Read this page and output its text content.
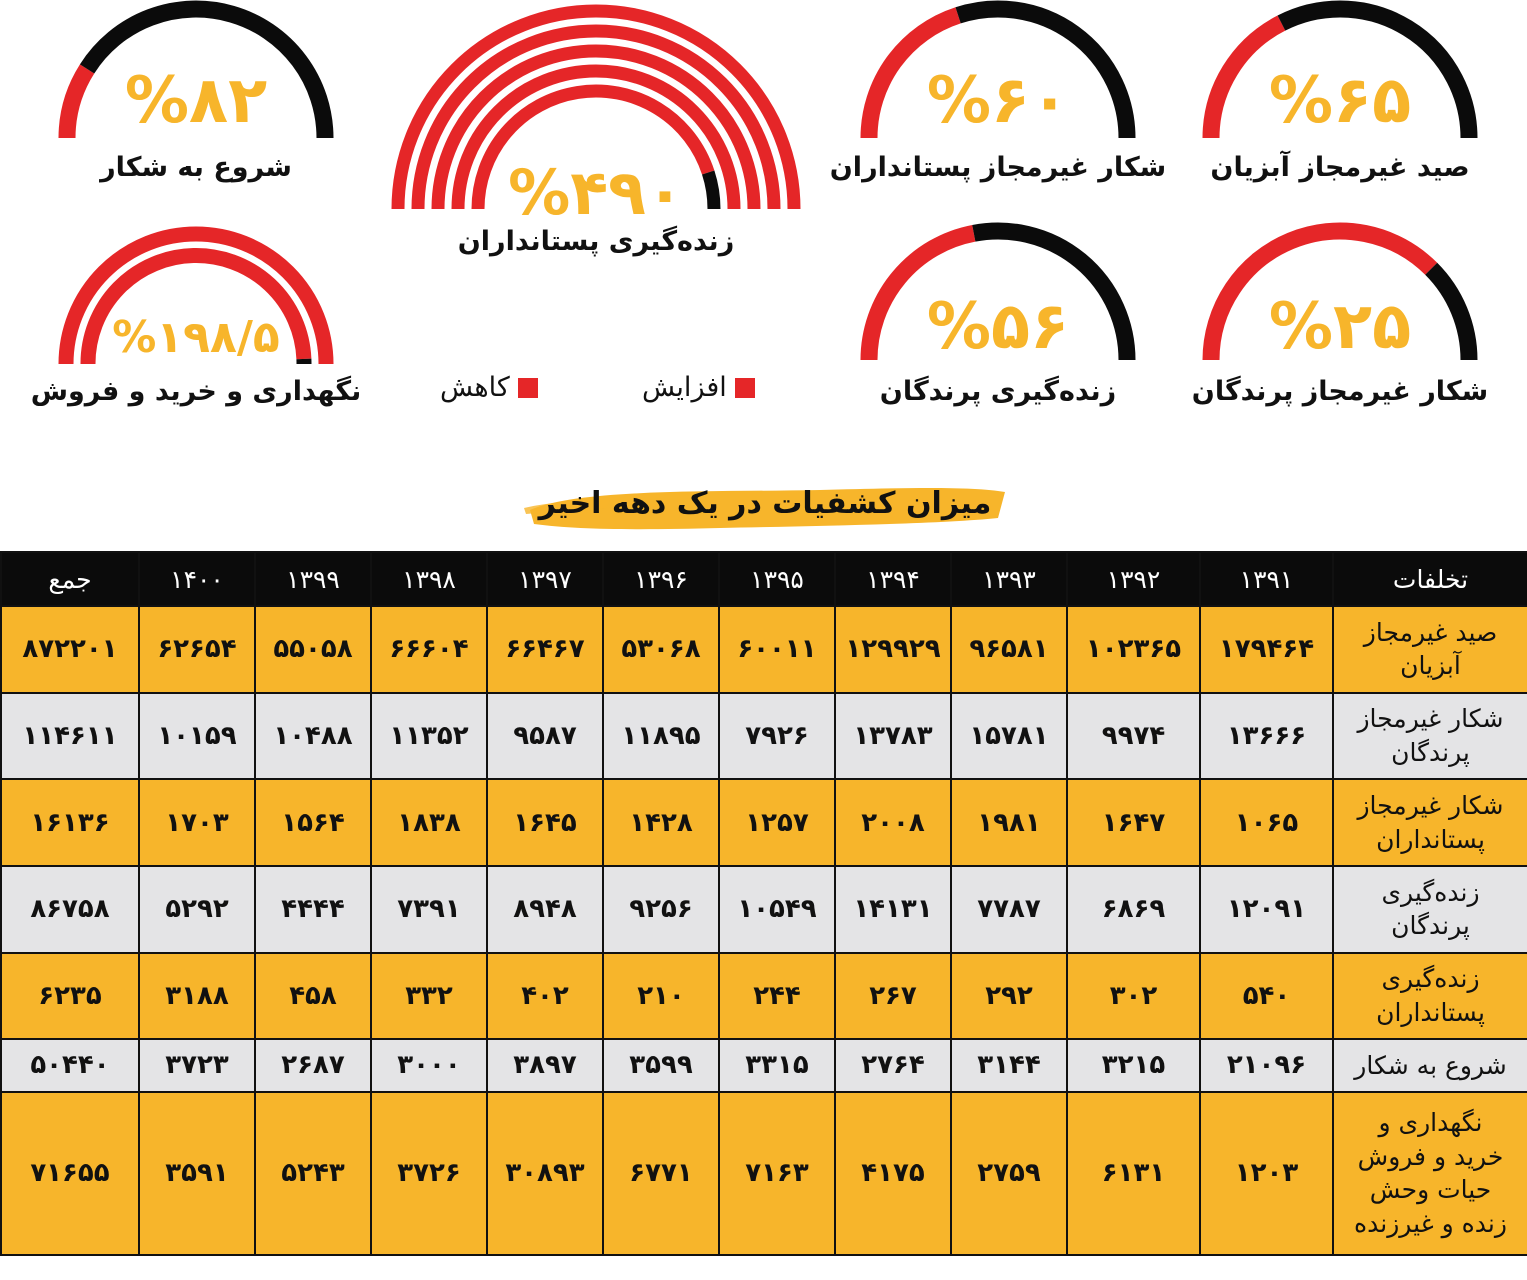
%۶۵
صید غیرمجاز آبزیان
%۶۰
شکار غیرمجاز پستانداران
%۴۹۰
زنده‌گیری پستانداران
%۸۲
شروع به شکار
%۲۵
شکار غیرمجاز پرندگان
%۵۶
زنده‌گیری پرندگان
%۱۹۸/۵
نگهداری و خرید و فروش	افزایش
کاهش
میزان کشفیات در یک دهه اخیر
تخلفات	۱۳۹۱	۱۳۹۲	۱۳۹۳	۱۳۹۴	۱۳۹۵	۱۳۹۶	۱۳۹۷	۱۳۹۸	۱۳۹۹	۱۴۰۰	جمع

صید غیرمجاز
آبزیان	۱۷۹۴۶۴	۱۰۲۳۶۵	۹۶۵۸۱	۱۲۹۹۲۹	۶۰۰۱۱	۵۳۰۶۸	۶۶۴۶۷	۶۶۶۰۴	۵۵۰۵۸	۶۲۶۵۴	۸۷۲۲۰۱

شکار غیرمجاز
پرندگان	۱۳۶۶۶	۹۹۷۴	۱۵۷۸۱	۱۳۷۸۳	۷۹۲۶	۱۱۸۹۵	۹۵۸۷	۱۱۳۵۲	۱۰۴۸۸	۱۰۱۵۹	۱۱۴۶۱۱

شکار غیرمجاز
پستانداران	۱۰۶۵	۱۶۴۷	۱۹۸۱	۲۰۰۸	۱۲۵۷	۱۴۲۸	۱۶۴۵	۱۸۳۸	۱۵۶۴	۱۷۰۳	۱۶۱۳۶

زنده‌گیری
پرندگان	۱۲۰۹۱	۶۸۶۹	۷۷۸۷	۱۴۱۳۱	۱۰۵۴۹	۹۲۵۶	۸۹۴۸	۷۳۹۱	۴۴۴۴	۵۲۹۲	۸۶۷۵۸

زنده‌گیری
پستانداران	۵۴۰	۳۰۲	۲۹۲	۲۶۷	۲۴۴	۲۱۰	۴۰۲	۳۳۲	۴۵۸	۳۱۸۸	۶۲۳۵

شروع به شکار	۲۱۰۹۶	۳۲۱۵	۳۱۴۴	۲۷۶۴	۳۳۱۵	۳۵۹۹	۳۸۹۷	۳۰۰۰	۲۶۸۷	۳۷۲۳	۵۰۴۴۰

نگهداری و
خرید و فروش
حیات وحش
زنده و غیرزنده	۱۲۰۳	۶۱۳۱	۲۷۵۹	۴۱۷۵	۷۱۶۳	۶۷۷۱	۳۰۸۹۳	۳۷۲۶	۵۲۴۳	۳۵۹۱	۷۱۶۵۵
